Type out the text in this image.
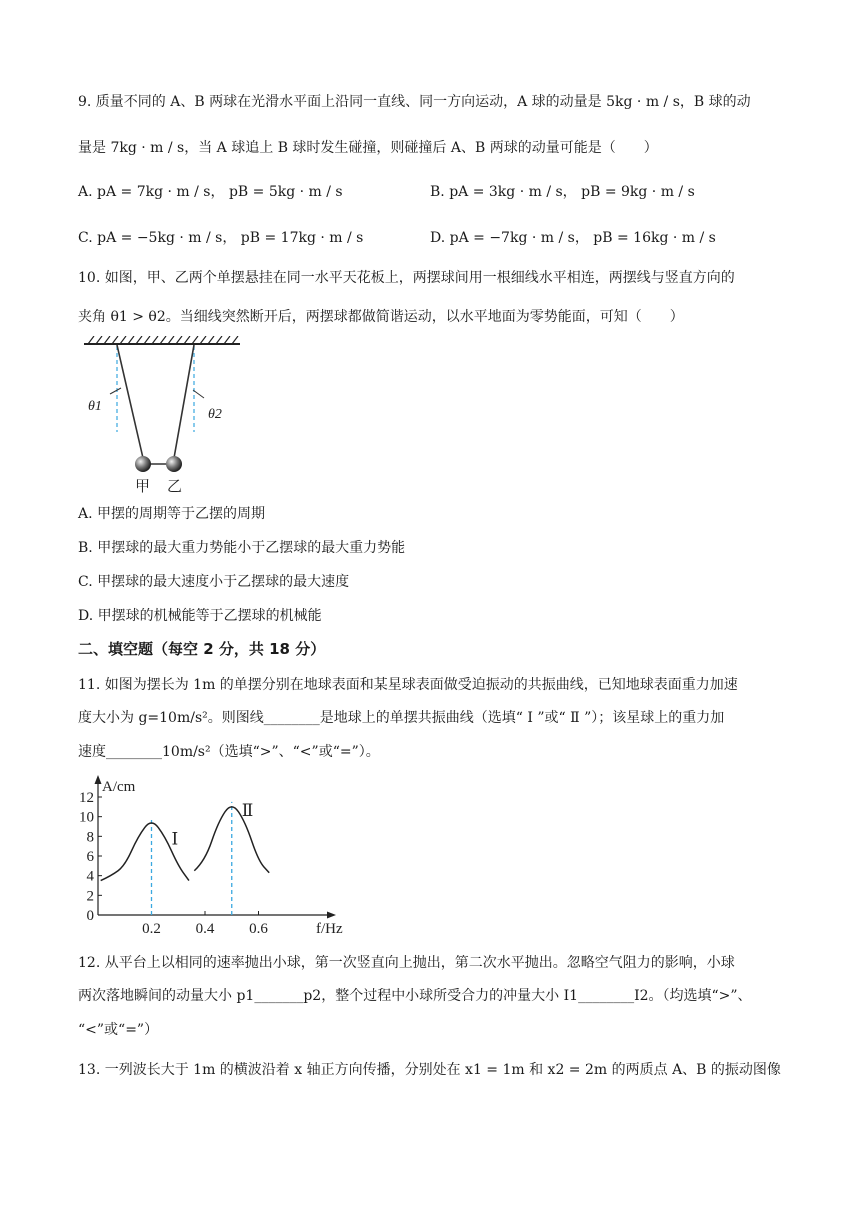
9. 质量不同的 A、B 两球在光滑水平面上沿同一直线、同一方向运动，A 球的动量是 5kg · m / s，B 球的动
量是 7kg · m / s，当 A 球追上 B 球时发生碰撞，则碰撞后 A、B 两球的动量可能是（　　）
A. pA = 7kg · m / s， pB = 5kg · m / s	B. pA = 3kg · m / s， pB = 9kg · m / s
C. pA = −5kg · m / s， pB = 17kg · m / s	D. pA = −7kg · m / s， pB = 16kg · m / s
10. 如图，甲、乙两个单摆悬挂在同一水平天花板上，两摆球间用一根细线水平相连，两摆线与竖直方向的
夹角 θ1 > θ2。当细线突然断开后，两摆球都做简谐运动，以水平地面为零势能面，可知（　　）
θ1
θ2
甲 乙
A. 甲摆的周期等于乙摆的周期
B. 甲摆球的最大重力势能小于乙摆球的最大重力势能
C. 甲摆球的最大速度小于乙摆球的最大速度
D. 甲摆球的机械能等于乙摆球的机械能
二、填空题（每空 2 分，共 18 分）
11. 如图为摆长为 1m 的单摆分别在地球表面和某星球表面做受迫振动的共振曲线，已知地球表面重力加速
度大小为 g=10m/s²。则图线________是地球上的单摆共振曲线（选填“ Ⅰ ”或“ Ⅱ ”）；该星球上的重力加
速度________10m/s²（选填“>”、“<”或“=”）。
0
2
4
6
8
10
12
0.2 0.4 0.6
A/cm
f/Hz
Ⅰ
Ⅱ
12. 从平台上以相同的速率抛出小球，第一次竖直向上抛出，第二次水平抛出。忽略空气阻力的影响，小球
两次落地瞬间的动量大小 p1_______p2，整个过程中小球所受合力的冲量大小 I1________I2。（均选填“>”、
“<”或“=”）
13. 一列波长大于 1m 的横波沿着 x 轴正方向传播，分别处在 x1 = 1m 和 x2 = 2m 的两质点 A、B 的振动图像
